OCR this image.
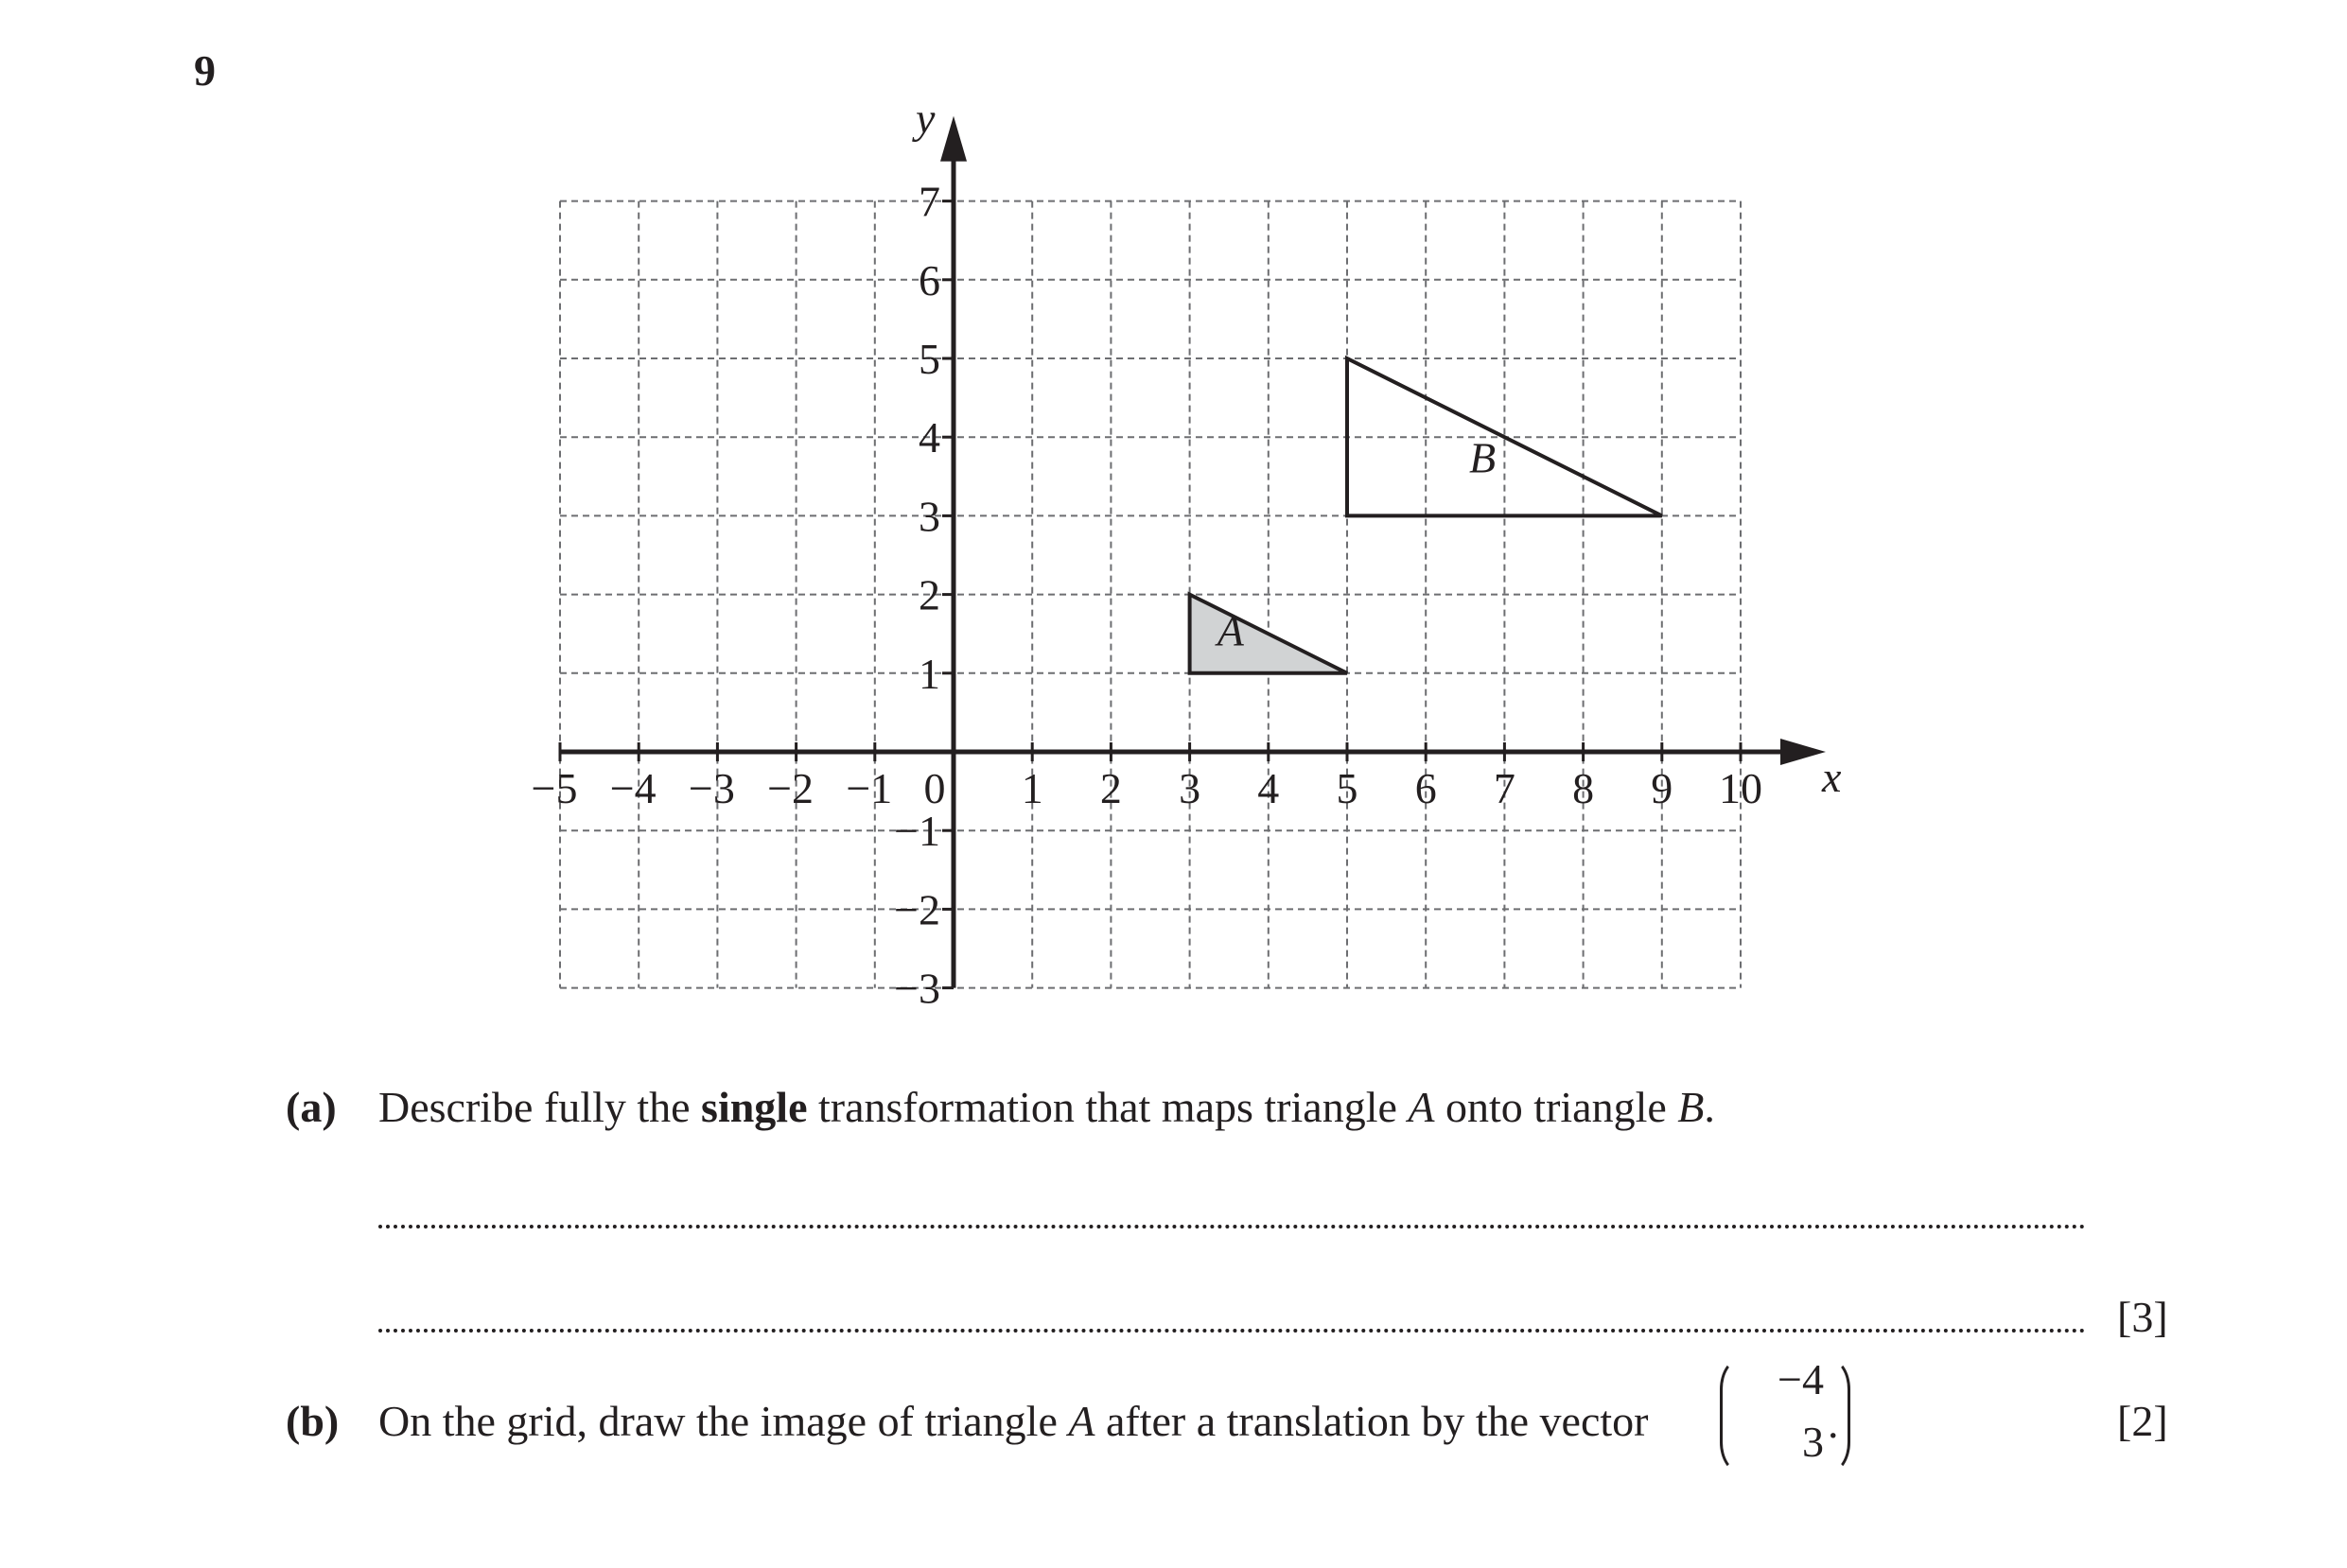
9
x
y
A
B
−5 −4 −3 −2 −1 0 1 2 3 4 5 6 7 8 9 10
7
6
5
4
3
2
1
−1
−2
−3
(a) Describe fully the single transformation that maps triangle A onto triangle B.
[3]
(b) On the grid, draw the image of triangle A after a translation by the vector
−4
3 .	[2]
